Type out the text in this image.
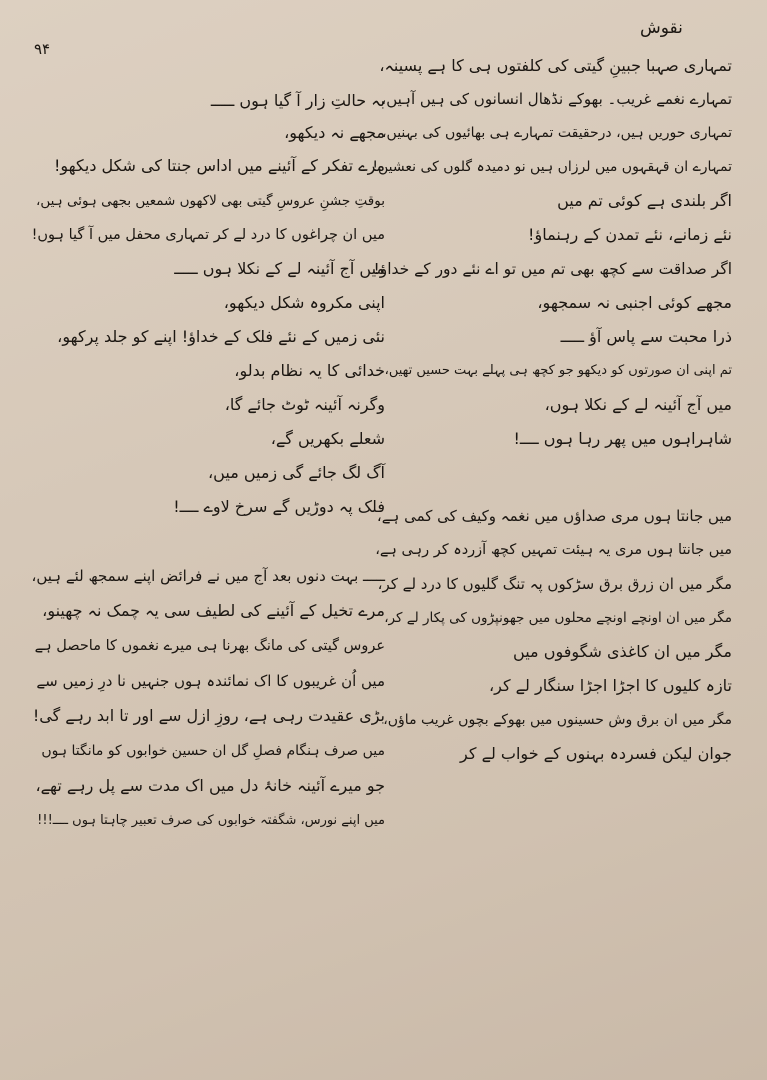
نقوش
۹۴
تمہاری صہبا جبینِ گیتی کی کلفتوں ہی کا ہے پسینہ،
تمہارے نغمے غریب۔ بھوکے نڈھال انسانوں کی ہیں آہیں،
تمہاری حوریں ہیں، درحقیقت تمہارے ہی بھائیوں کی بہنیں،
تمہارے ان قہقہوں میں لرزاں ہیں نو دمیدہ گلوں کی نعشیں!
اگر بلندی ہے کوئی تم میں
نئے زمانے، نئے تمدن کے رہنماؤ!
اگر صداقت سے کچھ بھی تم میں تو اے نئے دور کے خداؤ!
مجھے کوئی اجنبی نہ سمجھو،
ذرا محبت سے پاس آؤ ـــــ
تم اپنی ان صورتوں کو دیکھو جو کچھ ہی پہلے بہت حسیں تھیں،
میں آج آئینہ لے کے نکلا ہوں،
شاہراہوں میں پھر رہا ہوں ــــ!
میں جانتا ہوں مری صداؤں میں نغمہ وکیف کی کمی ہے،
میں جانتا ہوں مری یہ ہیئت تمہیں کچھ آزردہ کر رہی ہے،
مگر میں ان زرق برق سڑکوں پہ تنگ گلیوں کا درد لے کر،
مگر میں ان اونچے اونچے محلوں میں جھونپڑوں کی پکار لے کر،
مگر میں ان کاغذی شگوفوں میں
تازہ کلیوں کا اجڑا اجڑا سنگار لے کر،
مگر میں ان برق وش حسینوں میں بھوکے بچوں غریب ماؤں،
جوان لیکن فسردہ بہنوں کے خواب لے کر
بہ حالتِ زار آ گیا ہوں ـــــ
مجھے نہ دیکھو،
مرے تفکر کے آئینے میں اداس جنتا کی شکل دیکھو!
بوقتِ جشنِ عروسِ گیتی بھی لاکھوں شمعیں بجھی ہوئی ہیں،
میں ان چراغوں کا درد لے کر تمہاری محفل میں آ گیا ہوں!
میں آج آئینہ لے کے نکلا ہوں ـــــ
اپنی مکروہ شکل دیکھو،
نئی زمیں کے نئے فلک کے خداؤ! اپنے کو جلد پرکھو،
خدائی کا یہ نظام بدلو،
وگرنہ آئینہ ٹوٹ جائے گا،
شعلے بکھریں گے،
آگ لگ جائے گی زمیں میں،
فلک پہ دوڑیں گے سرخ لاوے ــــ!
ـــــ بہت دنوں بعد آج میں نے فرائض اپنے سمجھ لئے ہیں،
مرے تخیل کے آئینے کی لطیف سی یہ چمک نہ چھینو،
عروس گیتی کی مانگ بھرنا ہی میرے نغموں کا ماحصل ہے
میں اُن غریبوں کا اک نمائندہ ہوں جنہیں نا درِ زمیں سے
بڑی عقیدت رہی ہے، روزِ ازل سے اور تا ابد رہے گی!
میں صرف ہنگام فصلِ گل ان حسین خوابوں کو مانگتا ہوں
جو میرے آئینہ خانۂ دل میں اک مدت سے پل رہے تھے،
میں اپنے نورس، شگفتہ خوابوں کی صرف تعبیر چاہتا ہوں ــــ!!!
